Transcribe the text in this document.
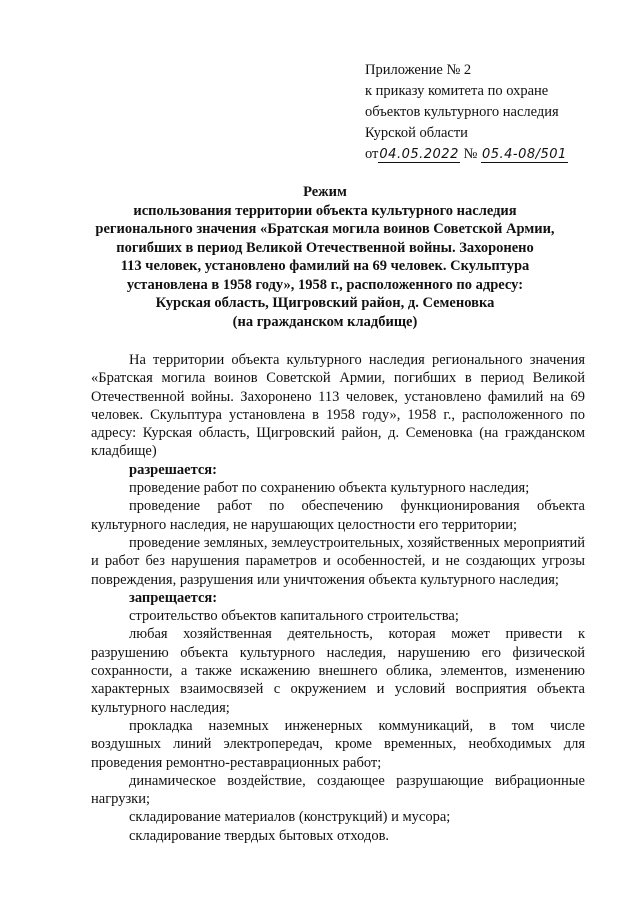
Приложение № 2
к приказу комитета по охране
объектов культурного наследия
Курской области
от04.05.2022 № 05.4-08/501
Режим
использования территории объекта культурного наследия
регионального значения «Братская могила воинов Советской Армии,
погибших в период Великой Отечественной войны. Захоронено
113 человек, установлено фамилий на 69 человек. Скульптура
установлена в 1958 году», 1958 г., расположенного по адресу:
Курская область, Щигровский район, д. Семеновка
(на гражданском кладбище)

На территории объекта культурного наследия регионального значения «Братская могила воинов Советской Армии, погибших в период Великой Отечественной войны. Захоронено 113 человек, установлено фамилий на 69 человек. Скульптура установлена в 1958 году», 1958 г., расположенного по адресу: Курская область, Щигровский район, д. Семеновка (на гражданском кладбище)

разрешается:

проведение работ по сохранению объекта культурного наследия;

проведение работ по обеспечению функционирования объекта культурного наследия, не нарушающих целостности его территории;

проведение земляных, землеустроительных, хозяйственных мероприятий и работ без нарушения параметров и особенностей, и не создающих угрозы повреждения, разрушения или уничтожения объекта культурного наследия;

запрещается:

строительство объектов капитального строительства;

любая хозяйственная деятельность, которая может привести к разрушению объекта культурного наследия, нарушению его физической сохранности, а также искажению внешнего облика, элементов, изменению характерных взаимосвязей с окружением и условий восприятия объекта культурного наследия;

прокладка наземных инженерных коммуникаций, в том числе воздушных линий электропередач, кроме временных, необходимых для проведения ремонтно-реставрационных работ;

динамическое воздействие, создающее разрушающие вибрационные нагрузки;

складирование материалов (конструкций) и мусора;

складирование твердых бытовых отходов.
